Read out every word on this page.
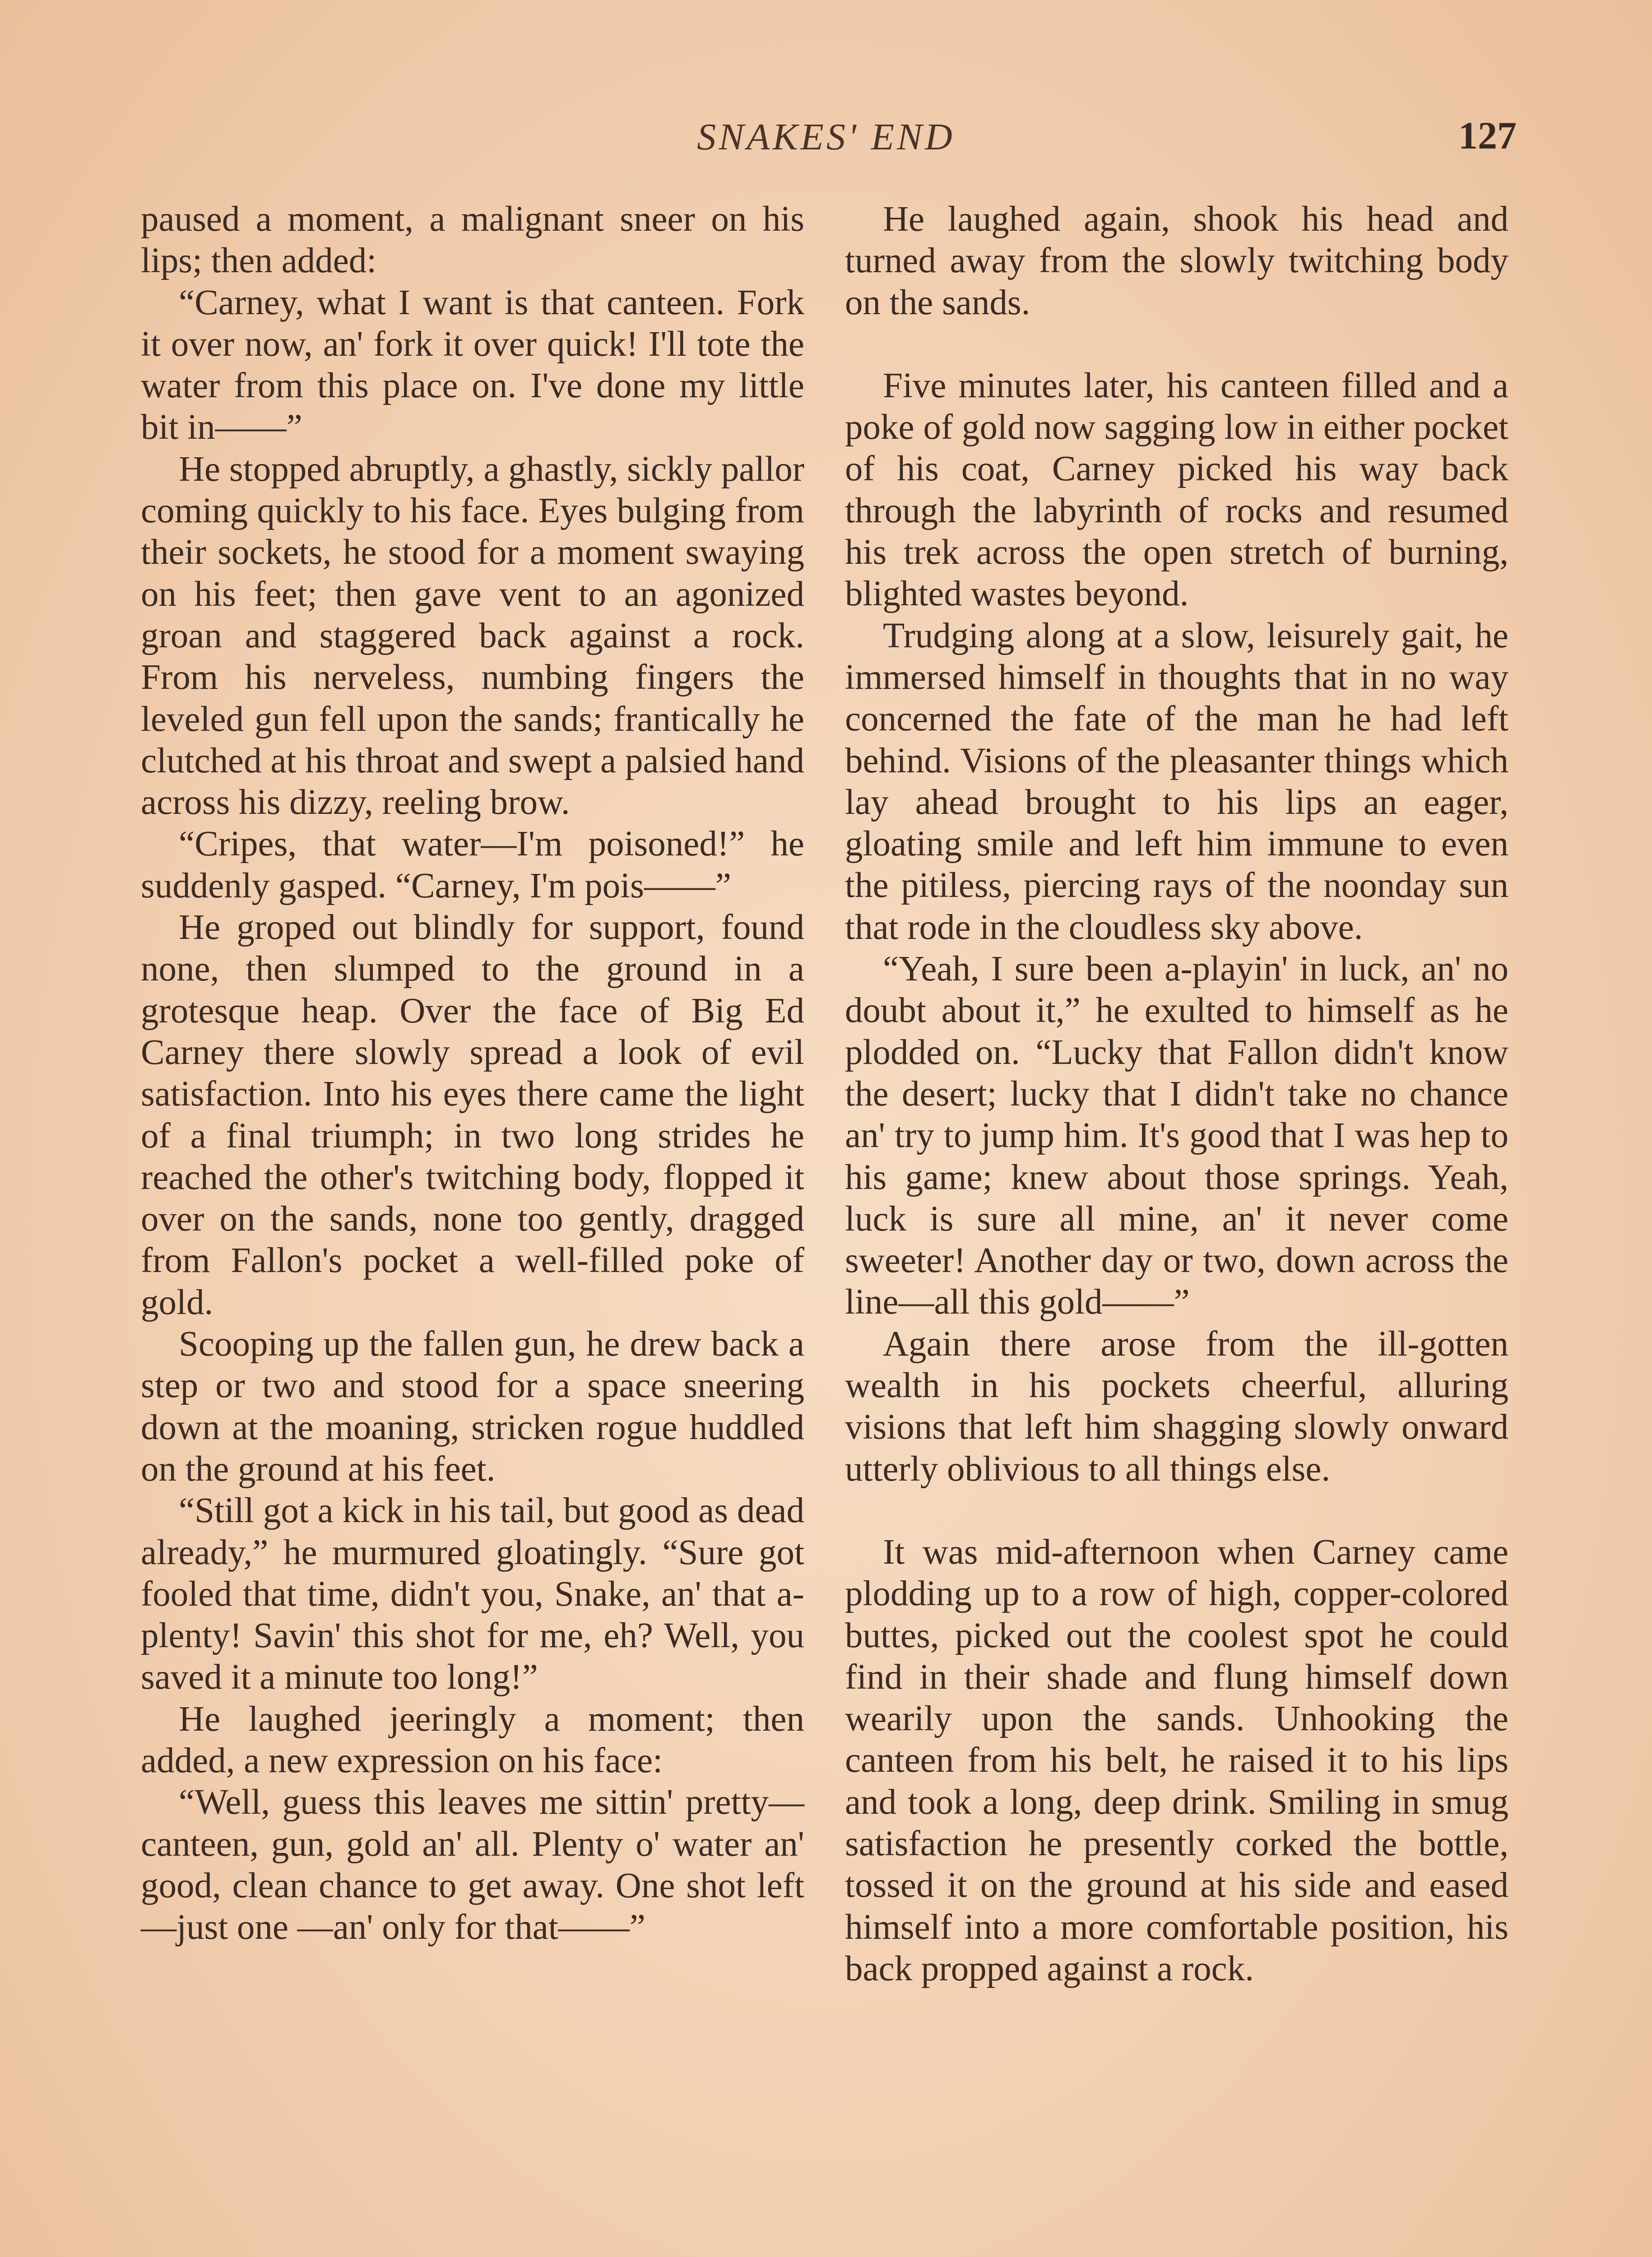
SNAKES' END	127

paused a moment, a malignant sneer on his lips; then added:

“Carney, what I want is that canteen. Fork it over now, an' fork it over quick! I'll tote the water from this place on. I've done my little bit in——”

He stopped abruptly, a ghastly, sickly pallor coming quickly to his face. Eyes bulging from their sockets, he stood for a moment swaying on his feet; then gave vent to an agonized groan and staggered back against a rock. From his nerveless, numbing fingers the leveled gun fell upon the sands; frantically he clutched at his throat and swept a palsied hand across his dizzy, reeling brow.

“Cripes, that water—I'm poisoned!” he suddenly gasped. “Carney, I'm pois——”

He groped out blindly for support, found none, then slumped to the ground in a grotesque heap. Over the face of Big Ed Carney there slowly spread a look of evil satisfaction. Into his eyes there came the light of a final triumph; in two long strides he reached the other's twitching body, flopped it over on the sands, none too gently, dragged from Fallon's pocket a well-filled poke of gold.

Scooping up the fallen gun, he drew back a step or two and stood for a space sneering down at the moaning, stricken rogue huddled on the ground at his feet.

“Still got a kick in his tail, but good as dead already,” he murmured gloatingly. “Sure got fooled that time, didn't you, Snake, an' that a-plenty! Savin' this shot for me, eh? Well, you saved it a minute too long!”

He laughed jeeringly a moment; then added, a new expression on his face:

“Well, guess this leaves me sittin' pretty—canteen, gun, gold an' all. Plenty o' water an' good, clean chance to get away. One shot left—just one —an' only for that——”

He laughed again, shook his head and turned away from the slowly twitching body on the sands.

Five minutes later, his canteen filled and a poke of gold now sagging low in either pocket of his coat, Carney picked his way back through the labyrinth of rocks and resumed his trek across the open stretch of burning, blighted wastes beyond.

Trudging along at a slow, leisurely gait, he immersed himself in thoughts that in no way concerned the fate of the man he had left behind. Visions of the pleasanter things which lay ahead brought to his lips an eager, gloating smile and left him immune to even the pitiless, piercing rays of the noonday sun that rode in the cloudless sky above.

“Yeah, I sure been a-playin' in luck, an' no doubt about it,” he exulted to himself as he plodded on. “Lucky that Fallon didn't know the desert; lucky that I didn't take no chance an' try to jump him. It's good that I was hep to his game; knew about those springs. Yeah, luck is sure all mine, an' it never come sweeter! Another day or two, down across the line—all this gold——”

Again there arose from the ill-gotten wealth in his pockets cheerful, alluring visions that left him shagging slowly onward utterly oblivious to all things else.

It was mid-afternoon when Carney came plodding up to a row of high, copper-colored buttes, picked out the coolest spot he could find in their shade and flung himself down wearily upon the sands. Unhooking the canteen from his belt, he raised it to his lips and took a long, deep drink. Smiling in smug satisfaction he presently corked the bottle, tossed it on the ground at his side and eased himself into a more comfortable position, his back propped against a rock.
